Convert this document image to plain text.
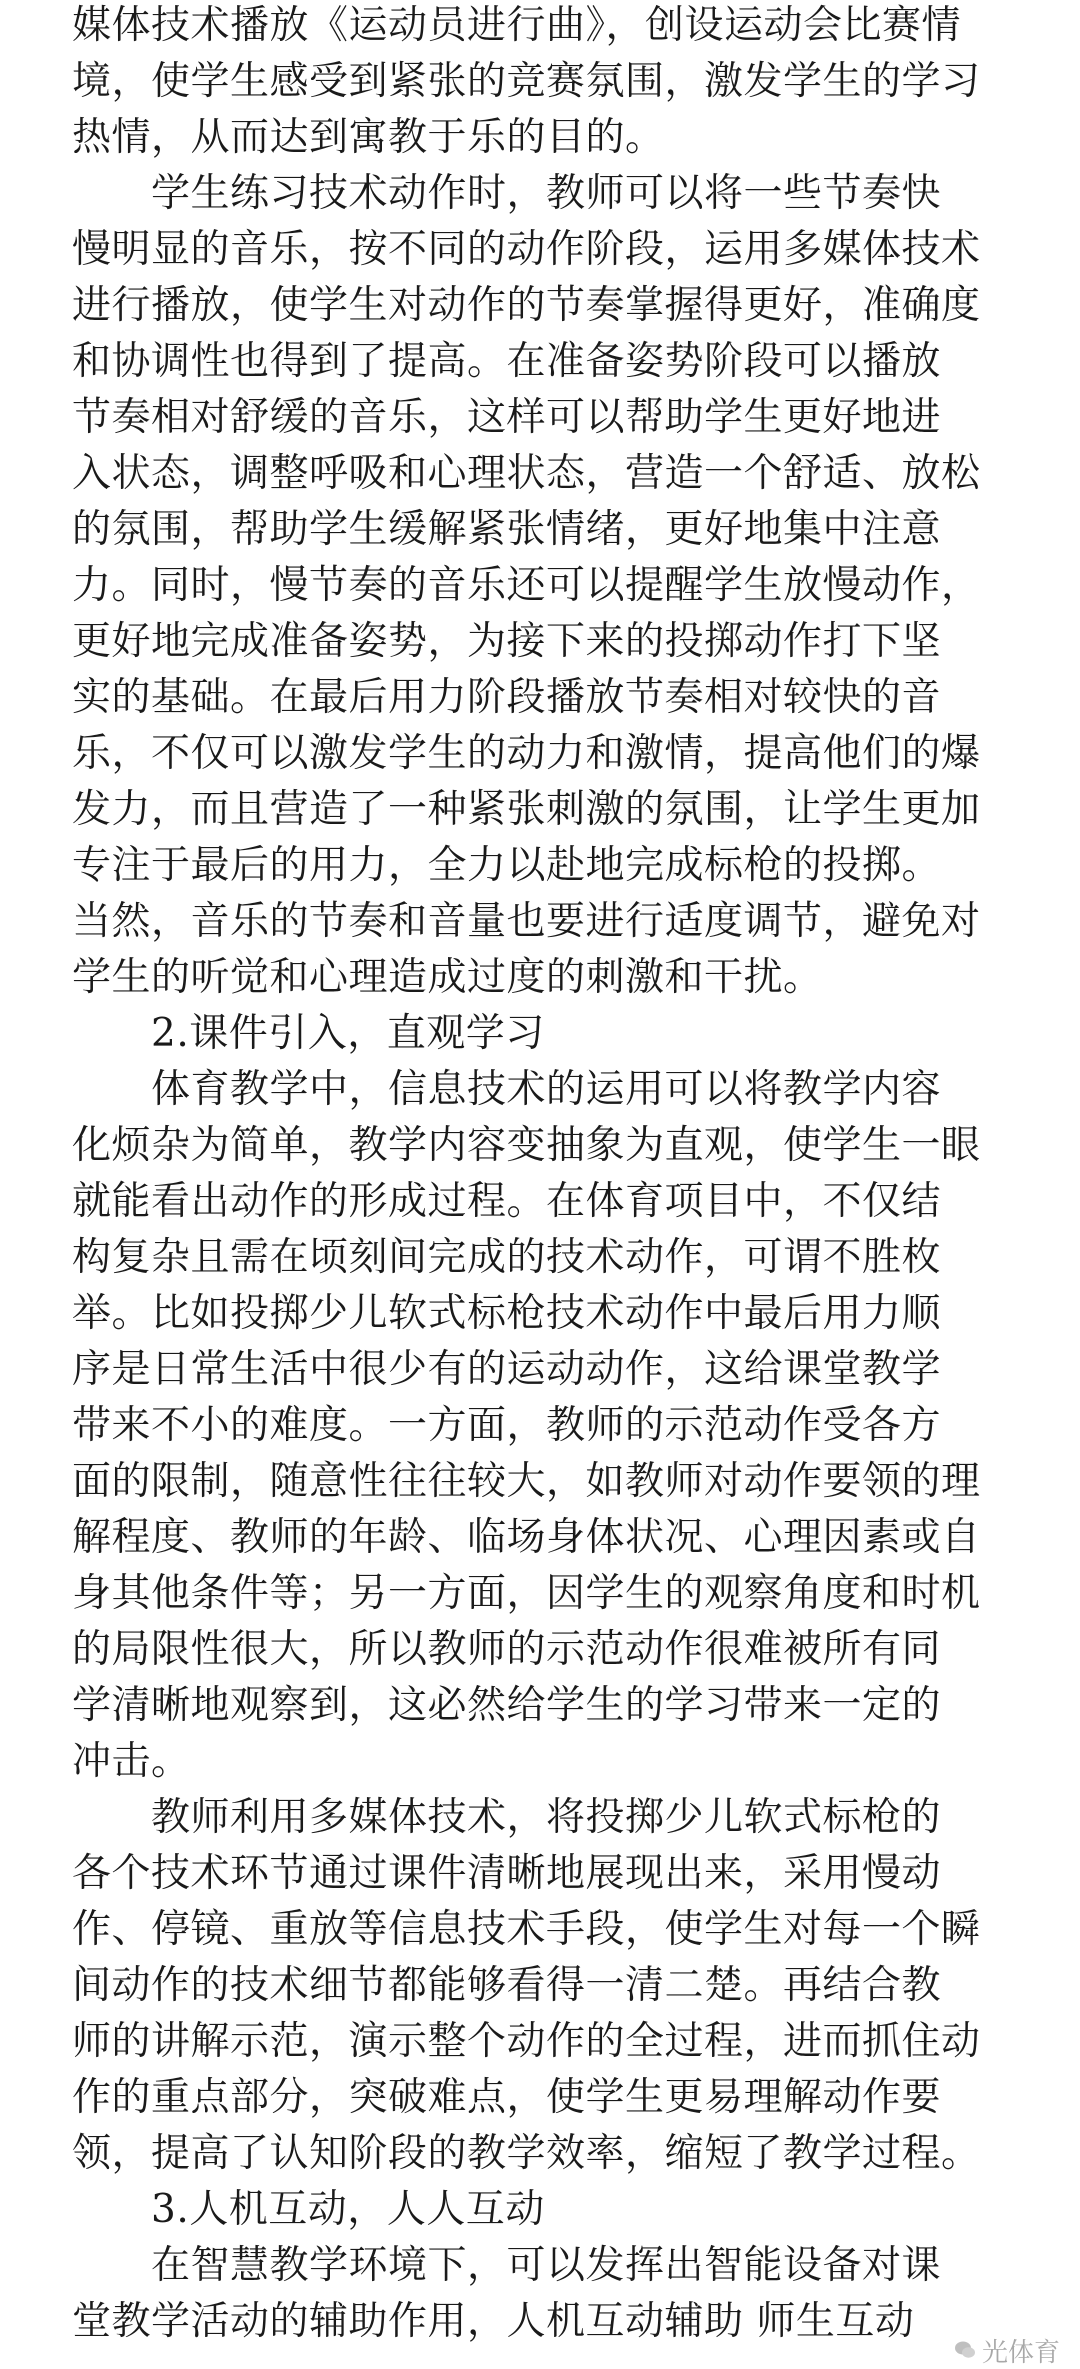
媒体技术播放《运动员进行曲》，创设运动会比赛情
境，使学生感受到紧张的竞赛氛围，激发学生的学习
热情，从而达到寓教于乐的目的。
　　学生练习技术动作时，教师可以将一些节奏快
慢明显的音乐，按不同的动作阶段，运用多媒体技术
进行播放，使学生对动作的节奏掌握得更好，准确度
和协调性也得到了提高。在准备姿势阶段可以播放
节奏相对舒缓的音乐，这样可以帮助学生更好地进
入状态，调整呼吸和心理状态，营造一个舒适、放松
的氛围，帮助学生缓解紧张情绪，更好地集中注意
力。同时，慢节奏的音乐还可以提醒学生放慢动作，
更好地完成准备姿势，为接下来的投掷动作打下坚
实的基础。在最后用力阶段播放节奏相对较快的音
乐，不仅可以激发学生的动力和激情，提高他们的爆
发力，而且营造了一种紧张刺激的氛围，让学生更加
专注于最后的用力，全力以赴地完成标枪的投掷。
当然，音乐的节奏和音量也要进行适度调节，避免对
学生的听觉和心理造成过度的刺激和干扰。
　　2.课件引入，直观学习
　　体育教学中，信息技术的运用可以将教学内容
化烦杂为简单，教学内容变抽象为直观，使学生一眼
就能看出动作的形成过程。在体育项目中，不仅结
构复杂且需在顷刻间完成的技术动作，可谓不胜枚
举。比如投掷少儿软式标枪技术动作中最后用力顺
序是日常生活中很少有的运动动作，这给课堂教学
带来不小的难度。一方面，教师的示范动作受各方
面的限制，随意性往往较大，如教师对动作要领的理
解程度、教师的年龄、临场身体状况、心理因素或自
身其他条件等；另一方面，因学生的观察角度和时机
的局限性很大，所以教师的示范动作很难被所有同
学清晰地观察到，这必然给学生的学习带来一定的
冲击。
　　教师利用多媒体技术，将投掷少儿软式标枪的
各个技术环节通过课件清晰地展现出来，采用慢动
作、停镜、重放等信息技术手段，使学生对每一个瞬
间动作的技术细节都能够看得一清二楚。再结合教
师的讲解示范，演示整个动作的全过程，进而抓住动
作的重点部分，突破难点，使学生更易理解动作要
领，提高了认知阶段的教学效率，缩短了教学过程。
　　3.人机互动，人人互动
　　在智慧教学环境下，可以发挥出智能设备对课
堂教学活动的辅助作用，人机互动辅助 师生互动
光体育
